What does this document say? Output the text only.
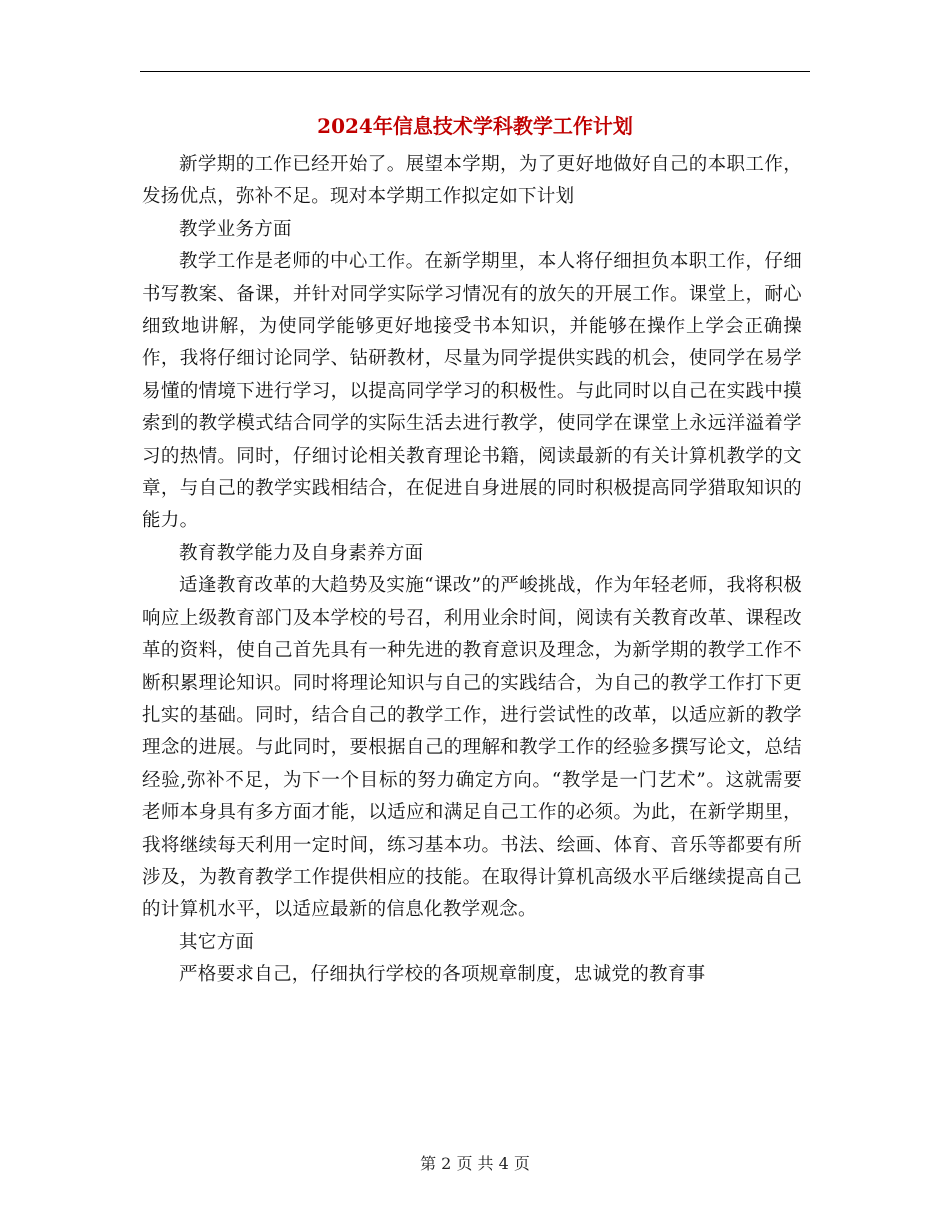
2024年信息技术学科教学工作计划

新学期的工作已经开始了。展望本学期，为了更好地做好自己的本职工作，发扬优点，弥补不足。现对本学期工作拟定如下计划

教学业务方面

教学工作是老师的中心工作。在新学期里，本人将仔细担负本职工作，仔细书写教案、备课，并针对同学实际学习情况有的放矢的开展工作。课堂上，耐心细致地讲解，为使同学能够更好地接受书本知识，并能够在操作上学会正确操作，我将仔细讨论同学、钻研教材，尽量为同学提供实践的机会，使同学在易学易懂的情境下进行学习，以提高同学学习的积极性。与此同时以自己在实践中摸索到的教学模式结合同学的实际生活去进行教学，使同学在课堂上永远洋溢着学习的热情。同时，仔细讨论相关教育理论书籍，阅读最新的有关计算机教学的文章，与自己的教学实践相结合，在促进自身进展的同时积极提高同学猎取知识的能力。

教育教学能力及自身素养方面

适逢教育改革的大趋势及实施“课改”的严峻挑战，作为年轻老师，我将积极响应上级教育部门及本学校的号召，利用业余时间，阅读有关教育改革、课程改革的资料，使自己首先具有一种先进的教育意识及理念，为新学期的教学工作不断积累理论知识。同时将理论知识与自己的实践结合，为自己的教学工作打下更扎实的基础。同时，结合自己的教学工作，进行尝试性的改革，以适应新的教学理念的进展。与此同时，要根据自己的理解和教学工作的经验多撰写论文，总结经验,弥补不足，为下一个目标的努力确定方向。“教学是一门艺术”。这就需要老师本身具有多方面才能，以适应和满足自己工作的必须。为此，在新学期里，我将继续每天利用一定时间，练习基本功。书法、绘画、体育、音乐等都要有所涉及，为教育教学工作提供相应的技能。在取得计算机高级水平后继续提高自己的计算机水平，以适应最新的信息化教学观念。

其它方面

严格要求自己，仔细执行学校的各项规章制度，忠诚党的教育事

第 2 页 共 4 页
